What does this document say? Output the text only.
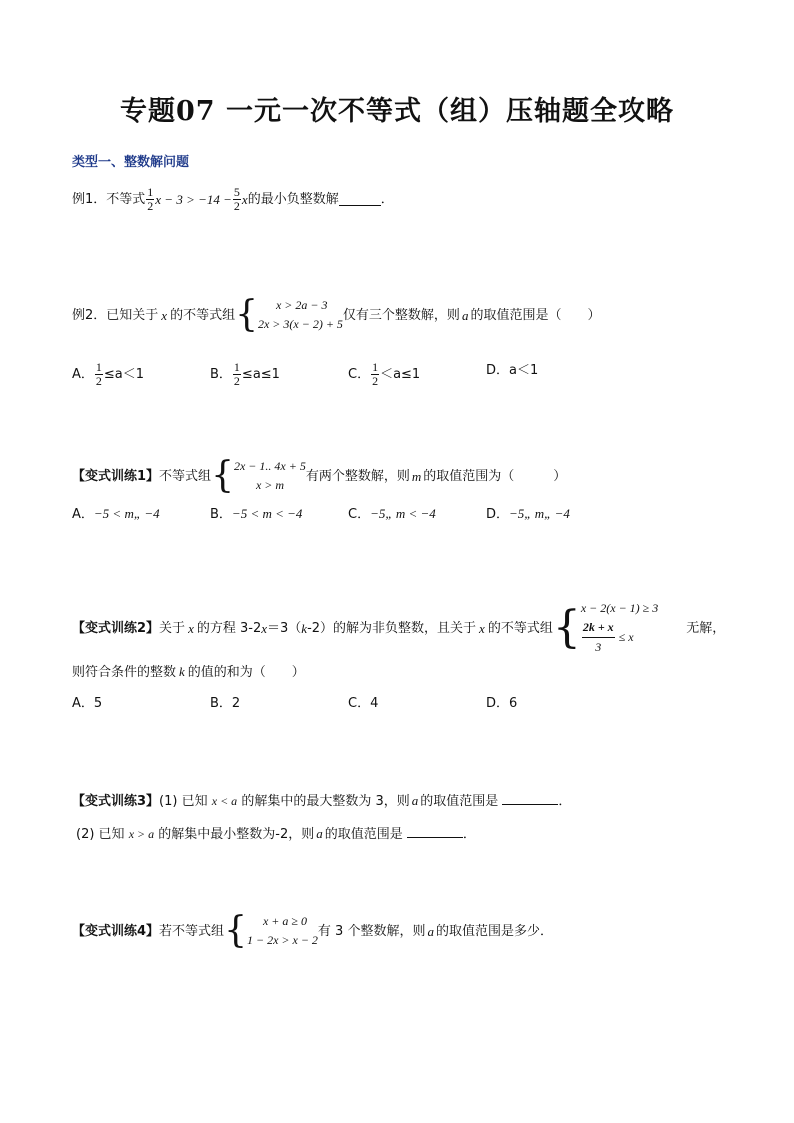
专题07 一元一次不等式（组）压轴题全攻略
类型一、整数解问题
例1．不等式 $\frac{1}{2}$ $x - 3 > -14 - \frac{5}{2}$ x 的最小负整数解	．
例2．已知关于 x 的不等式组 {	x > 2a − 3
2x > 3(x − 2) + 5
仅有三个整数解，则 a 的取值范围是（　　）
A． $\frac{1}{2} \le a<1$	B． $\frac{1}{2} \le a\le 1$	C． $\frac{1}{2} <a\le 1$	D． a＜1
【变式训练1】 不等式组 { 2x − 1.. 4x + 5
x > m
有两个整数解，则 m 的取值范围为（　　　）
A．−5 < m„ −4	B．−5 < m < −4	C．−5„ m < −4	D．−5„ m„ −4
【变式训练2】 关于 x 的方程 3-2 x ＝3（ k -2）的解为非负整数，且关于 x 的不等式组 { x − 2(x − 1) ≥ 3
$\frac{2k + x}{3} \le x$
无解，
则符合条件的整数 k 的值的和为（　　）
A．5	B．2	C．4	D．6
【变式训练3】(1) 已知 x < a 的解集中的最大整数为 3，则 a 的取值范围是	．
(2) 已知 x > a 的解集中最小整数为-2，则 a 的取值范围是	．
【变式训练4】 若不等式组 {	x + a ≥ 0
1 − 2x > x − 2
有 3 个整数解，则 a 的取值范围是多少．
